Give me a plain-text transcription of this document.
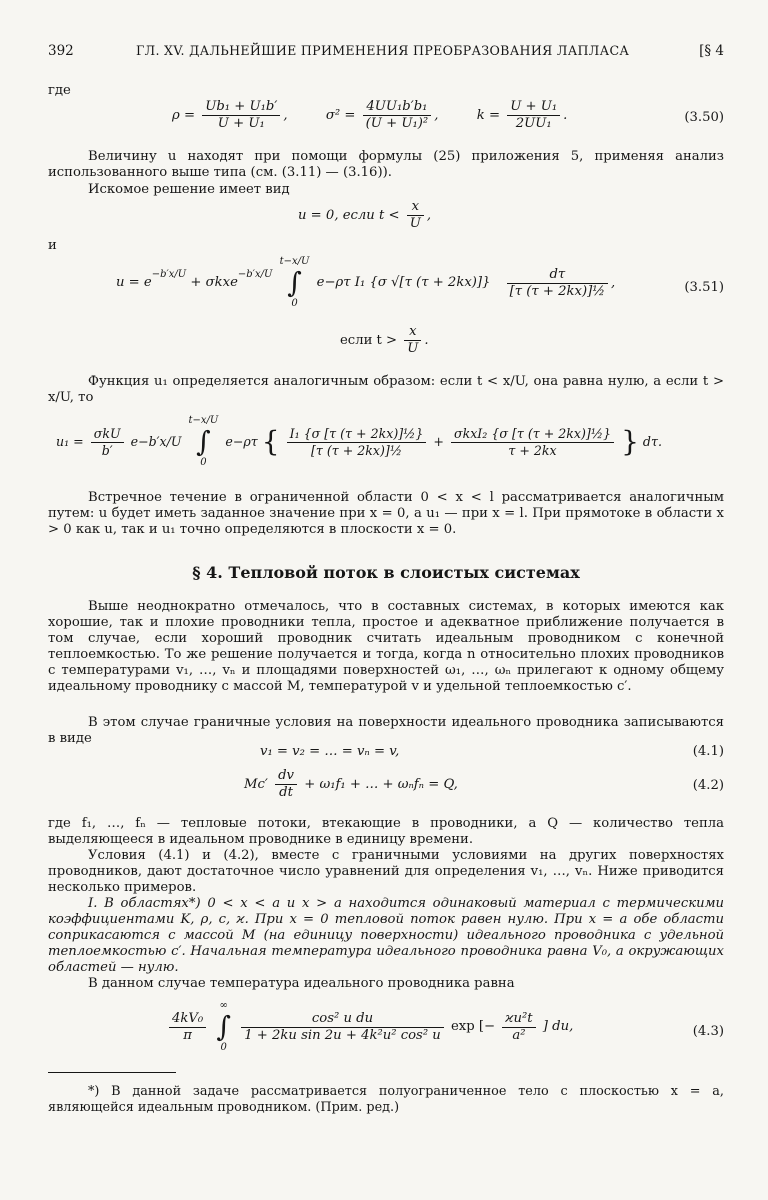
392	ГЛ. XV. ДАЛЬНЕЙШИЕ ПРИМЕНЕНИЯ ПРЕОБРАЗОВАНИЯ ЛАПЛАСА	[§ 4
где
$\rho = \frac{\text{Ub₁ + U₁b′}}{\text{U + U₁}}$ ,	$\sigma^2 = \frac{\text{4UU₁b′b₁}}{\text{(U + U₁)²}}$ ,	$k = \frac{\text{U + U₁}}{\text{2UU₁}}$ .	(3.50)
Величину u находят при помощи формулы (25) приложения 5, применяя анализ использованного выше типа (см. (3.11) — (3.16)).
Искомое решение имеет вид
u = 0, если $t < \frac{x}{U}$ ,
и
$u = e^{-b'x/U} + \sigma kxe^{-b'x/U}$
t−x/U
∫
0
e−ρτ I₁ {σ √[τ $(\tau + 2kx)]\} \frac{d\tau}{\text{[τ (τ + 2kx)]½}}$ ,	(3.51)
если $t > \frac{x}{U}$ .
Функция u₁ определяется аналогичным образом: если t < x/U, она равна нулю, а если t > x/U, то
$u_1 = \frac{\text{σkU}}{b'} e-b'x/U$
t−x/U
∫
0
e−ρτ { $\frac{\text{I₁ \{σ [τ (τ + 2kx)]½\}}}{\text{[τ (τ + 2kx)]½}} + \frac{\text{σkxI₂ \{σ [τ (τ + 2kx)]½\}}}{\tau + 2kx}$ } dτ.
Встречное течение в ограниченной области 0 < x < l рассматривается аналогичным путем: u будет иметь заданное значение при x = 0, а u₁ — при x = l. При прямотоке в области x > 0 как u, так и u₁ точно определяются в плоскости x = 0.
§ 4. Тепловой поток в слоистых системах
Выше неоднократно отмечалось, что в составных системах, в которых имеются как хорошие, так и плохие проводники тепла, простое и адекватное приближение получается в том случае, если хороший проводник считать идеальным проводником с конечной теплоемкостью. То же решение получается и тогда, когда n относительно плохих проводников с температурами v₁, …, vₙ и площадями поверхностей ω₁, …, ωₙ прилегают к одному общему идеальному проводнику с массой M, температурой v и удельной теплоемкостью c′.
В этом случае граничные условия на поверхности идеального проводника записываются в виде
v₁ = v₂ = … = vₙ = v,	(4.1)
$Mc' \frac{dv}{dt} + \omega_1f_1$ + … + ωₙfₙ = Q,	(4.2)
где f₁, …, fₙ — тепловые потоки, втекающие в проводники, а Q — количество тепла выделяющееся в идеальном проводнике в единицу времени.
Условия (4.1) и (4.2), вместе с граничными условиями на других поверхностях проводников, дают достаточное число уравнений для определения v₁, …, vₙ. Ниже приводится несколько примеров.
I. В областях*) 0 < x < a и x > a находится одинаковый материал с термическими коэффициентами K, ρ, c, ϰ. При x = 0 тепловой поток равен нулю. При x = a обе области соприкасаются с массой M (на единицу поверхности) идеального проводника с удельной теплоемкостью c′. Начальная температура идеального проводника равна V₀, а окружающих областей — нулю.
В данном случае температура идеального проводника равна
$\frac{\text{4kV₀}}{\pi}$

∞
∫
0

$\frac{\text{cos² u du}}{\text{1 + 2ku sin 2u + 4k²u² cos² u}}$ exp [− $\frac{\text{ϰu²t}}{\text{a²}}$ ] du,	(4.3)
*) В данной задаче рассматривается полуограниченное тело с плоскостью x = a, являющейся идеальным проводником. (Прим. ред.)
